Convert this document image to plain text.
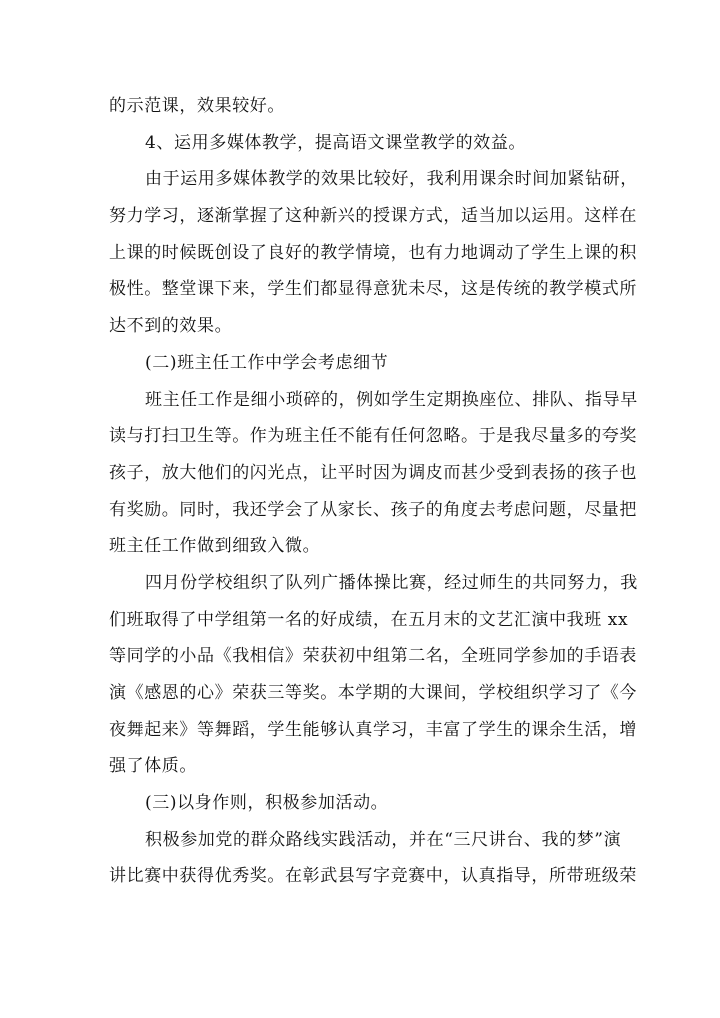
的示范课，效果较好。
4、运用多媒体教学，提高语文课堂教学的效益。
由于运用多媒体教学的效果比较好，我利用课余时间加紧钻研，
努力学习，逐渐掌握了这种新兴的授课方式，适当加以运用。这样在
上课的时候既创设了良好的教学情境，也有力地调动了学生上课的积
极性。整堂课下来，学生们都显得意犹未尽，这是传统的教学模式所
达不到的效果。
(二)班主任工作中学会考虑细节
班主任工作是细小琐碎的，例如学生定期换座位、排队、指导早
读与打扫卫生等。作为班主任不能有任何忽略。于是我尽量多的夸奖
孩子，放大他们的闪光点，让平时因为调皮而甚少受到表扬的孩子也
有奖励。同时，我还学会了从家长、孩子的角度去考虑问题，尽量把
班主任工作做到细致入微。
四月份学校组织了队列广播体操比赛，经过师生的共同努力，我
们班取得了中学组第一名的好成绩，在五月末的文艺汇演中我班 xx
等同学的小品《我相信》荣获初中组第二名，全班同学参加的手语表
演《感恩的心》荣获三等奖。本学期的大课间，学校组织学习了《今
夜舞起来》等舞蹈，学生能够认真学习，丰富了学生的课余生活，增
强了体质。
(三)以身作则，积极参加活动。
积极参加党的群众路线实践活动，并在“三尺讲台、我的梦”演
讲比赛中获得优秀奖。在彰武县写字竞赛中，认真指导，所带班级荣
